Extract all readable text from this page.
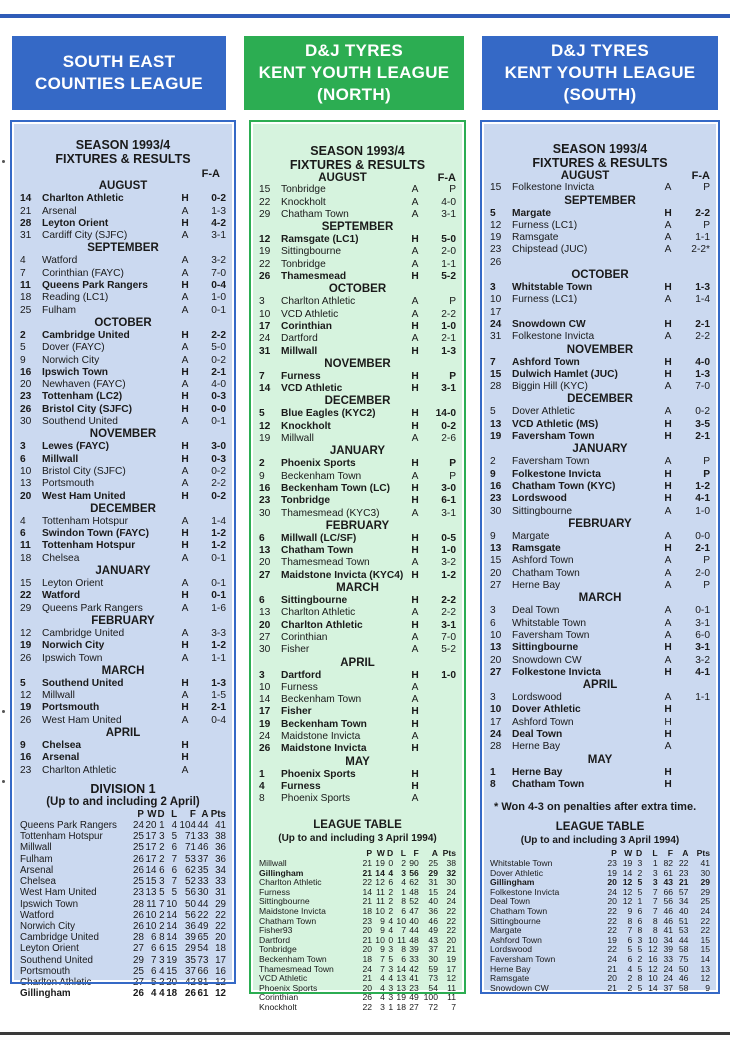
SOUTH EAST
COUNTIES LEAGUE
D&J TYRES
KENT YOUTH LEAGUE
(NORTH)
D&J TYRES
KENT YOUTH LEAGUE
(SOUTH)
SEASON 1993/4
FIXTURES & RESULTS
F-A
AUGUST
14	Charlton Athletic	H	0-2
21	Arsenal	A	1-3
28	Leyton Orient	H	4-2
31	Cardiff City (SJFC)	A	3-1
SEPTEMBER
4	Watford	A	3-2
7	Corinthian (FAYC)	A	7-0
11	Queens Park Rangers	H	0-4
18	Reading (LC1)	A	1-0
25	Fulham	A	0-1
OCTOBER
2	Cambridge United	H	2-2
5	Dover (FAYC)	A	5-0
9	Norwich City	A	0-2
16	Ipswich Town	H	2-1
20	Newhaven (FAYC)	A	4-0
23	Tottenham (LC2)	H	0-3
26	Bristol City (SJFC)	H	0-0
30	Southend United	A	0-1
NOVEMBER
3	Lewes (FAYC)	H	3-0
6	Millwall	H	0-3
10	Bristol City (SJFC)	A	0-2
13	Portsmouth	A	2-2
20	West Ham United	H	0-2
DECEMBER
4	Tottenham Hotspur	A	1-4
6	Swindon Town (FAYC)	H	1-2
11	Tottenham Hotspur	H	1-2
18	Chelsea	A	0-1
JANUARY
15	Leyton Orient	A	0-1
22	Watford	H	0-1
29	Queens Park Rangers	A	1-6
FEBRUARY
12	Cambridge United	A	3-3
19	Norwich City	H	1-2
26	Ipswich Town	A	1-1
MARCH
5	Southend United	H	1-3
12	Millwall	A	1-5
19	Portsmouth	H	2-1
26	West Ham United	A	0-4
APRIL
9	Chelsea	H
16	Arsenal	H
23	Charlton Athletic	A
DIVISION 1
(Up to and including 2 April)
	P	W	D	L	F	A	Pts
Queens Park Rangers	24	20	1	4	104	44	41
Tottenham Hotspur	25	17	3	5	71	33	38
Millwall	25	17	2	6	71	46	36
Fulham	26	17	2	7	53	37	36
Arsenal	26	14	6	6	62	35	34
Chelsea	25	15	3	7	52	33	33
West Ham United	23	13	5	5	56	30	31
Ipswich Town	28	11	7	10	50	44	29
Watford	26	10	2	14	56	22	22
Norwich City	26	10	2	14	36	49	22
Cambridge United	28	6	8	14	39	65	20
Leyton Orient	27	6	6	15	29	54	18
Southend United	29	7	3	19	35	73	17
Portsmouth	25	6	4	15	37	66	16
Charlton Athletic	27	5	2	20	42	81	12
Gillingham	26	4	4	18	26	61	12
SEASON 1993/4
FIXTURES & RESULTS
AUGUST	F-A
15	Tonbridge	A	P
22	Knockholt	A	4-0
29	Chatham Town	A	3-1
SEPTEMBER
12	Ramsgate (LC1)	H	5-0
19	Sittingbourne	A	2-0
22	Tonbridge	A	1-1
26	Thamesmead	H	5-2
OCTOBER
3	Charlton Athletic	A	P
10	VCD Athletic	A	2-2
17	Corinthian	H	1-0
24	Dartford	A	2-1
31	Millwall	H	1-3
NOVEMBER
7	Furness	H	P
14	VCD Athletic	H	3-1
DECEMBER
5	Blue Eagles (KYC2)	H	14-0
12	Knockholt	H	0-2
19	Millwall	A	2-6
JANUARY
2	Phoenix Sports	H	P
9	Beckenham Town	A	P
16	Beckenham Town (LC)	H	3-0
23	Tonbridge	H	6-1
30	Thamesmead (KYC3)	A	3-1
FEBRUARY
6	Millwall (LC/SF)	H	0-5
13	Chatham Town	H	1-0
20	Thamesmead Town	A	3-2
27	Maidstone Invicta (KYC4) H	1-2
MARCH
6	Sittingbourne	H	2-2
13	Charlton Athletic	A	2-2
20	Charlton Athletic	H	3-1
27	Corinthian	A	7-0
30	Fisher	A	5-2
APRIL
3	Dartford	H	1-0
10	Furness	A
14	Beckenham Town	A
17	Fisher	H
19	Beckenham Town	H
24	Maidstone Invicta	A
26	Maidstone Invicta	H
MAY
1	Phoenix Sports	H
4	Furness	H
8	Phoenix Sports	A
LEAGUE TABLE
(Up to and including 3 April 1994)
	P	W	D	L	F	A	Pts
Millwall	21	19	0	2	90	25	38
Gillingham	21	14	4	3	56	29	32
Charlton Athletic	22	12	6	4	62	31	30
Furness	14	11	2	1	48	15	24
Sittingbourne	21	11	2	8	52	40	24
Maidstone Invicta	18	10	2	6	47	36	22
Chatham Town	23	9	4	10	40	46	22
Fisher93	20	9	4	7	44	49	22
Dartford	21	10	0	11	48	43	20
Tonbridge	20	9	3	8	39	37	21
Beckenham Town	18	7	5	6	33	30	19
Thamesmead Town	24	7	3	14	42	59	17
VCD Athletic	21	4	4	13	41	73	12
Phoenix Sports	20	4	3	13	23	54	11
Corinthian	26	4	3	19	49	100	11
Knockholt	22	3	1	18	27	72	7
SEASON 1993/4
FIXTURES & RESULTS
AUGUST	F-A
15	Folkestone Invicta	A	P
SEPTEMBER
5	Margate	H	2-2
12	Furness (LC1)	A	P
19	Ramsgate	A	1-1
23	Chipstead (JUC)	A	2-2*
26
OCTOBER
3	Whitstable Town	H	1-3
10	Furness (LC1)	A	1-4
17
24	Snowdown CW	H	2-1
31	Folkestone Invicta	A	2-2
NOVEMBER
7	Ashford Town	H	4-0
15	Dulwich Hamlet (JUC)	H	1-3
28	Biggin Hill (KYC)	A	7-0
DECEMBER
5	Dover Athletic	A	0-2
13	VCD Athletic (MS)	H	3-5
19	Faversham Town	H	2-1
JANUARY
2	Faversham Town	A	P
9	Folkestone Invicta	H	P
16	Chatham Town (KYC)	H	1-2
23	Lordswood	H	4-1
30	Sittingbourne	A	1-0
FEBRUARY
9	Margate	A	0-0
13	Ramsgate	H	2-1
15	Ashford Town	A	P
20	Chatham Town	A	2-0
27	Herne Bay	A	P
MARCH
3	Deal Town	A	0-1
6	Whitstable Town	A	3-1
10	Faversham Town	A	6-0
13	Sittingbourne	H	3-1
20	Snowdown CW	A	3-2
27	Folkestone Invicta	H	4-1
APRIL
3	Lordswood	A	1-1
10	Dover Athletic	H
17	Ashford Town	H
24	Deal Town	H
28	Herne Bay	A
MAY
1	Herne Bay	H
8	Chatham Town	H
* Won 4-3 on penalties after extra time.
LEAGUE TABLE
(Up to and including 3 April 1994)
	P	W	D	L	F	A	Pts
Whitstable Town	23	19	3	1	82	22	41
Dover Athletic	19	14	2	3	61	23	30
Gillingham	20	12	5	3	43	21	29
Folkestone Invicta	24	12	5	7	66	57	29
Deal Town	20	12	1	7	56	34	25
Chatham Town	22	9	6	7	46	40	24
Sittingbourne	22	8	6	8	46	51	22
Margate	22	7	8	8	41	53	22
Ashford Town	19	6	3	10	34	44	15
Lordswood	22	5	5	12	39	58	15
Faversham Town	24	6	2	16	33	75	14
Herne Bay	21	4	5	12	24	50	13
Ramsgate	20	2	8	10	24	46	12
Snowdown CW	21	2	5	14	37	58	9
